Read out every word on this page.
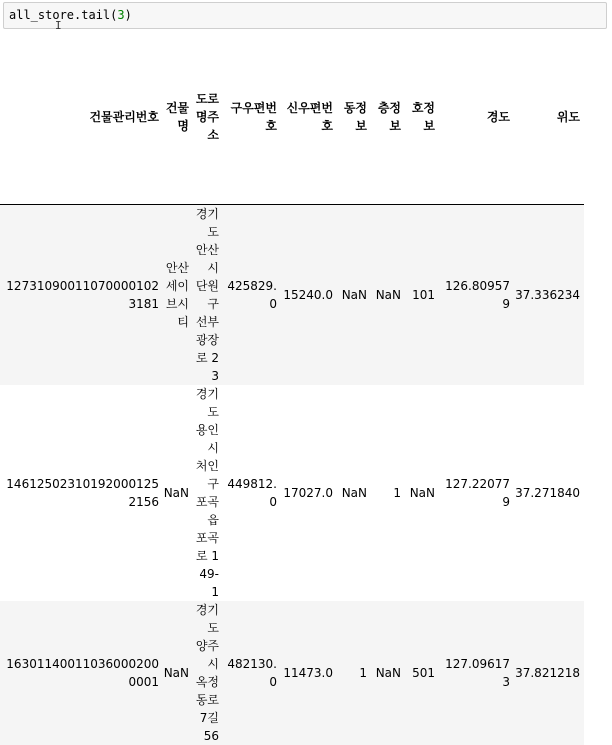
all_store.tail(3)
I
건물관리번호	건물명	도로명주소	구우편번호	신우편번호	동정보	층정보	호정보	경도	위도
127310900110700001023181	안산세이브시티	경기도 안산시 단원구 선부광장로 23	425829.0	15240.0	NaN	NaN	101	126.809579	37.336234
146125023101920001252156	NaN	경기도 용인시 처인구 포곡읍 포곡로 149-1	449812.0	17027.0	NaN	1	NaN	127.220779	37.271840
163011400110360002000001	NaN	경기도 양주시 옥정동로7길 56	482130.0	11473.0	1	NaN	501	127.096173	37.821218
